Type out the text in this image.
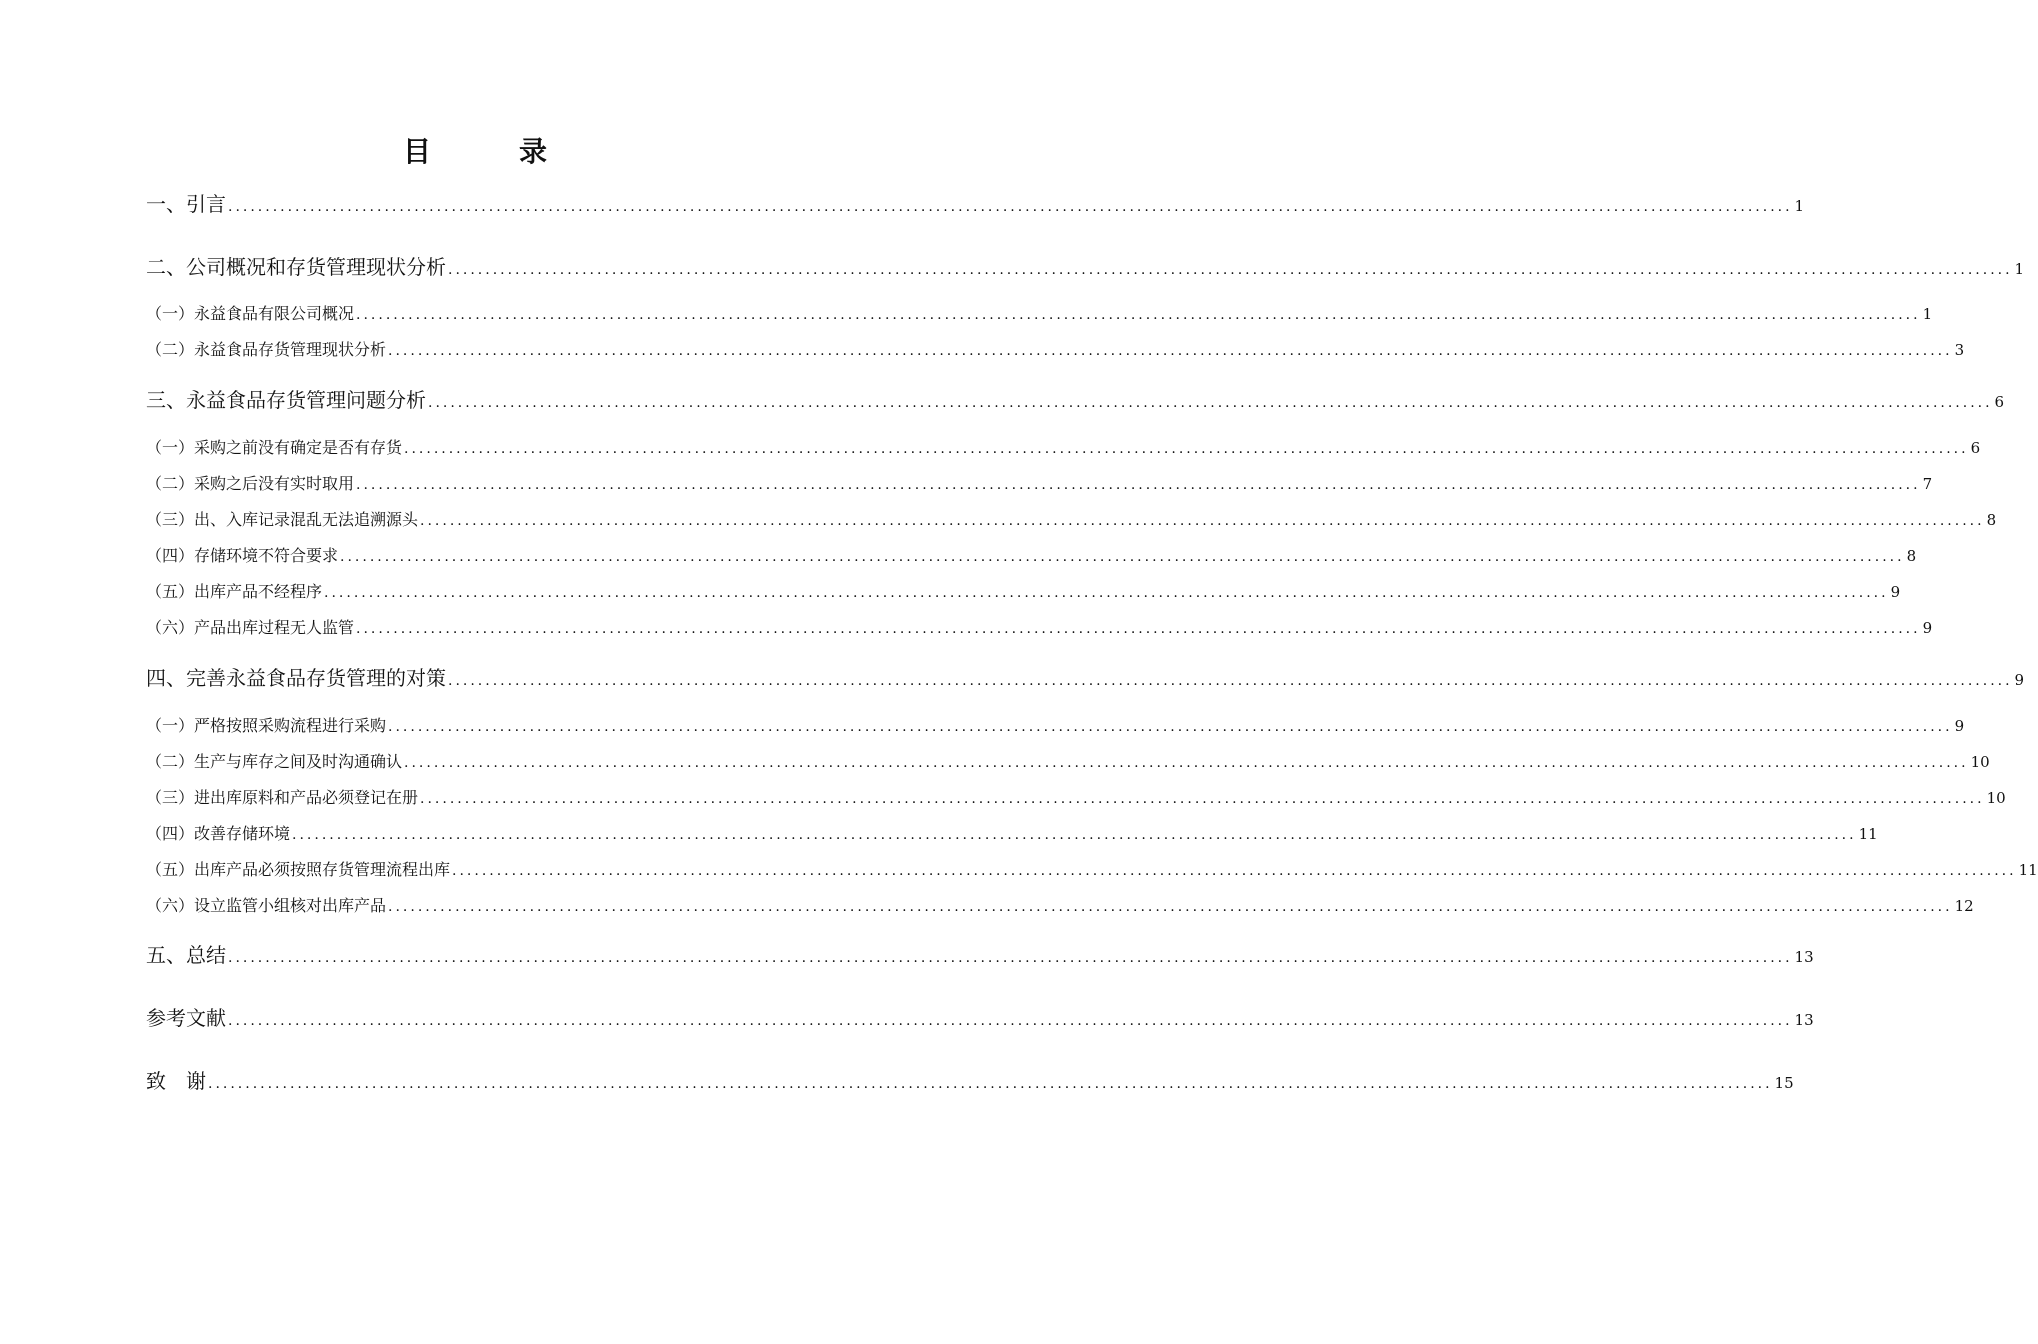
目　录
一、引言 .................................................................................................................................................................................................................. 1
二、公司概况和存货管理现状分析 .................................................................................................................................................................................................................. 1
（一）永益食品有限公司概况 .................................................................................................................................................................................................................. 1
（二）永益食品存货管理现状分析 .................................................................................................................................................................................................................. 3
三、永益食品存货管理问题分析 .................................................................................................................................................................................................................. 6
（一）采购之前没有确定是否有存货 .................................................................................................................................................................................................................. 6
（二）采购之后没有实时取用 .................................................................................................................................................................................................................. 7
（三）出、入库记录混乱无法追溯源头 .................................................................................................................................................................................................................. 8
（四）存储环境不符合要求 .................................................................................................................................................................................................................. 8
（五）出库产品不经程序 .................................................................................................................................................................................................................. 9
（六）产品出库过程无人监管 .................................................................................................................................................................................................................. 9
四、完善永益食品存货管理的对策 .................................................................................................................................................................................................................. 9
（一）严格按照采购流程进行采购 .................................................................................................................................................................................................................. 9
（二）生产与库存之间及时沟通确认 .................................................................................................................................................................................................................. 10
（三）进出库原料和产品必须登记在册 .................................................................................................................................................................................................................. 10
（四）改善存储环境 .................................................................................................................................................................................................................. 11
（五）出库产品必须按照存货管理流程出库 .................................................................................................................................................................................................................. 11
（六）设立监管小组核对出库产品 .................................................................................................................................................................................................................. 12
五、总结 .................................................................................................................................................................................................................. 13
参考文献 .................................................................................................................................................................................................................. 13
致　谢 .................................................................................................................................................................................................................. 15
